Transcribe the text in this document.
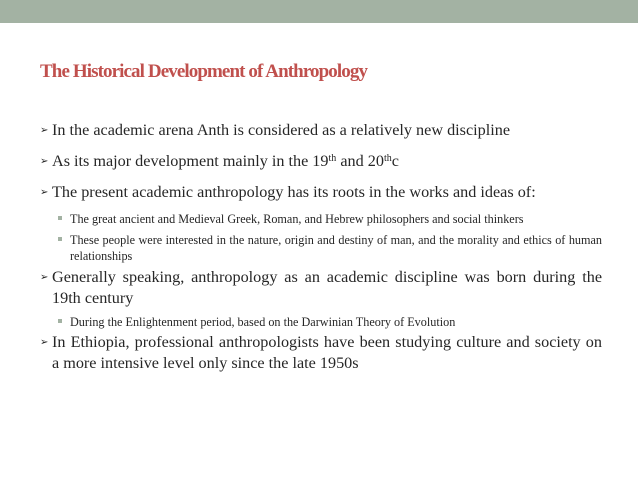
The Historical Development of Anthropology
➢ In the academic arena Anth is considered as a relatively new discipline
➢ As its major development mainly in the 19th and 20thc
➢ The present academic anthropology has its roots in the works and ideas of:
The great ancient and Medieval Greek, Roman, and Hebrew philosophers and social thinkers
These people were interested in the nature, origin and destiny of man, and the morality and ethics of human relationships
➢ Generally speaking, anthropology as an academic discipline was born during the 19th century
During the Enlightenment period, based on the Darwinian Theory of Evolution
➢ In Ethiopia, professional anthropologists have been studying culture and society on a more intensive level only since the late 1950s
